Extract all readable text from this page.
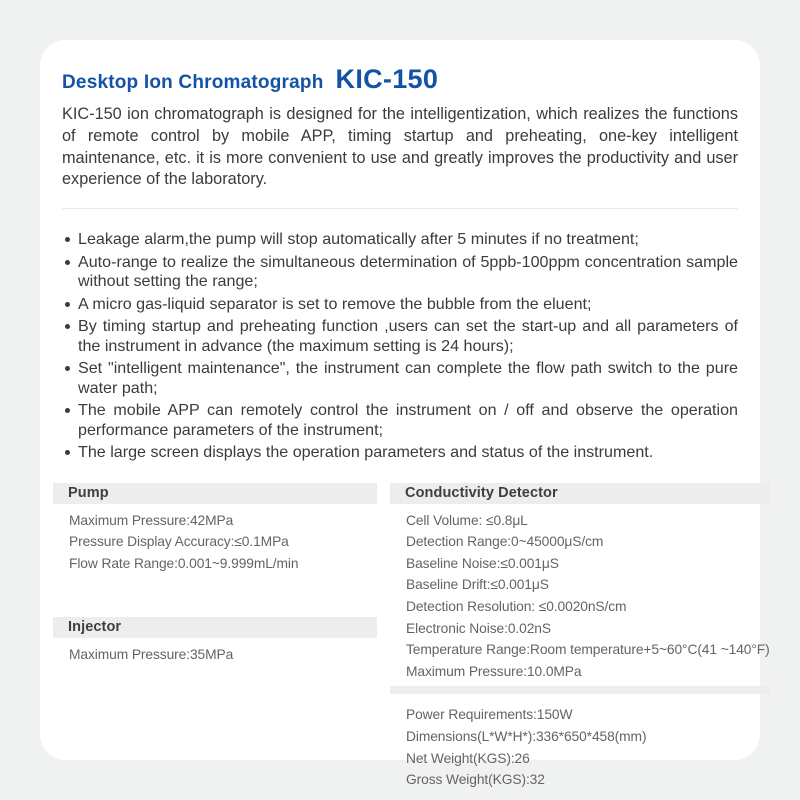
Desktop Ion Chromatograph KIC-150

KIC-150 ion chromatograph is designed for the intelligentization, which realizes the functions of remote control by mobile APP, timing startup and preheating, one-key intelligent maintenance, etc. it is more convenient to use and greatly improves the productivity and user experience of the laboratory.

Leakage alarm,the pump will stop automatically after 5 minutes if no treatment;
Auto-range to realize the simultaneous determination of 5ppb-100ppm concentration sample without setting the range;
A micro gas-liquid separator is set to remove the bubble from the eluent;
By timing startup and preheating function ,users can set the start-up and all parameters of the instrument in advance (the maximum setting is 24 hours);
Set "intelligent maintenance", the instrument can complete the flow path switch to the pure water path;
The mobile APP can remotely control the instrument on / off and observe the operation performance parameters of the instrument;
The large screen displays the operation parameters and status of the instrument.
Pump
Maximum Pressure:42MPa
Pressure Display Accuracy:≤0.1MPa
Flow Rate Range:0.001~9.999mL/min
Injector
Maximum Pressure:35MPa
Conductivity Detector
Cell Volume: ≤0.8μL
Detection Range:0~45000μS/cm
Baseline Noise:≤0.001μS
Baseline Drift:≤0.001μS
Detection Resolution: ≤0.0020nS/cm
Electronic Noise:0.02nS
Temperature Range:Room temperature+5~60°C(41 ~140°F)
Maximum Pressure:10.0MPa
Power Requirements:150W
Dimensions(L*W*H*):336*650*458(mm)
Net Weight(KGS):26
Gross Weight(KGS):32
